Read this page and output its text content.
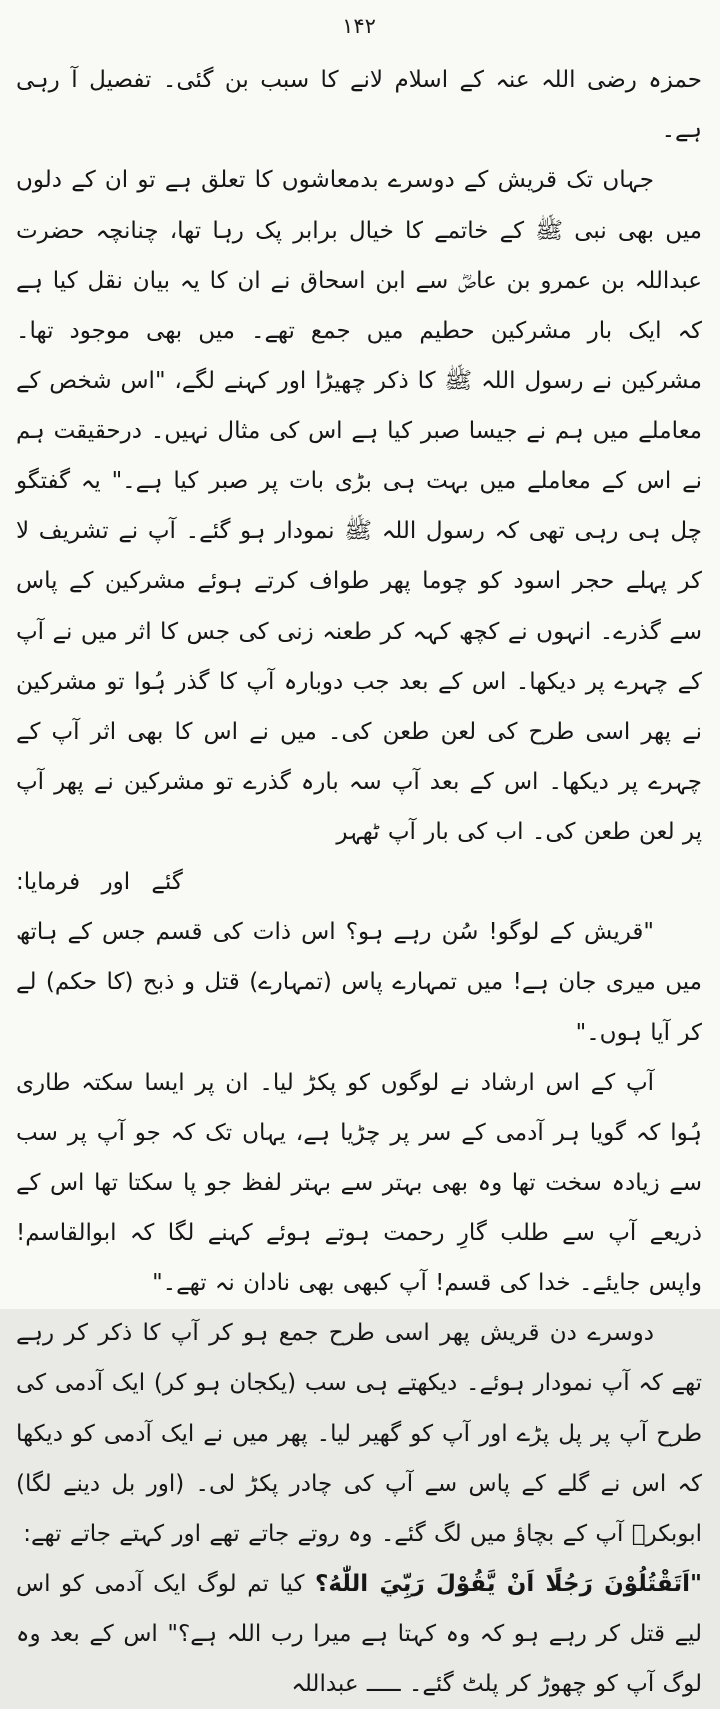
۱۴۲

حمزہ رضی اللہ عنہ کے اسلام لانے کا سبب بن گئی۔ تفصیل آ رہی ہے۔

جہاں تک قریش کے دوسرے بدمعاشوں کا تعلق ہے تو ان کے دلوں میں بھی نبی ﷺ کے خاتمے کا خیال برابر پک رہا تھا، چنانچہ حضرت عبداللہ بن عمرو بن عاصؓ سے ابن اسحاق نے ان کا یہ بیان نقل کیا ہے کہ ایک بار مشرکین حطیم میں جمع تھے۔ میں بھی موجود تھا۔ مشرکین نے رسول اللہ ﷺ کا ذکر چھیڑا اور کہنے لگے، "اس شخص کے معاملے میں ہم نے جیسا صبر کیا ہے اس کی مثال نہیں۔ درحقیقت ہم نے اس کے معاملے میں بہت ہی بڑی بات پر صبر کیا ہے۔" یہ گفتگو چل ہی رہی تھی کہ رسول اللہ ﷺ نمودار ہو گئے۔ آپ نے تشریف لا کر پہلے حجر اسود کو چوما پھر طواف کرتے ہوئے مشرکین کے پاس سے گذرے۔ انہوں نے کچھ کہہ کر طعنہ زنی کی جس کا اثر میں نے آپ کے چہرے پر دیکھا۔ اس کے بعد جب دوبارہ آپ کا گذر ہُوا تو مشرکین نے پھر اسی طرح کی لعن طعن کی۔ میں نے اس کا بھی اثر آپ کے چہرے پر دیکھا۔ اس کے بعد آپ سہ بارہ گذرے تو مشرکین نے پھر آپ پر لعن طعن کی۔ اب کی بار آپ ٹھہر

گئے اور فرمایا:

"قریش کے لوگو! سُن رہے ہو؟ اس ذات کی قسم جس کے ہاتھ میں میری جان ہے! میں تمہارے پاس (تمہارے) قتل و ذبح (کا حکم) لے کر آیا ہوں۔"

آپ کے اس ارشاد نے لوگوں کو پکڑ لیا۔ ان پر ایسا سکتہ طاری ہُوا کہ گویا ہر آدمی کے سر پر چڑیا ہے، یہاں تک کہ جو آپ پر سب سے زیادہ سخت تھا وہ بھی بہتر سے بہتر لفظ جو پا سکتا تھا اس کے ذریعے آپ سے طلب گارِ رحمت ہوتے ہوئے کہنے لگا کہ ابوالقاسم! واپس جایئے۔ خدا کی قسم! آپ کبھی بھی نادان نہ تھے۔"

دوسرے دن قریش پھر اسی طرح جمع ہو کر آپ کا ذکر کر رہے تھے کہ آپ نمودار ہوئے۔ دیکھتے ہی سب (یکجان ہو کر) ایک آدمی کی طرح آپ پر پل پڑے اور آپ کو گھیر لیا۔ پھر میں نے ایک آدمی کو دیکھا کہ اس نے گلے کے پاس سے آپ کی چادر پکڑ لی۔ (اور بل دینے لگا) ابوبکرؓ آپ کے بچاؤ میں لگ گئے۔ وہ روتے جاتے تھے اور کہتے جاتے تھے:

"اَتَقْتُلُوْنَ رَجُلًا اَنْ يَّقُوْلَ رَبِّيَ اللّٰهُ؟ کیا تم لوگ ایک آدمی کو اس لیے قتل کر رہے ہو کہ وہ کہتا ہے میرا رب اللہ ہے؟" اس کے بعد وہ لوگ آپ کو چھوڑ کر پلٹ گئے۔ ـــــ عبداللہ
